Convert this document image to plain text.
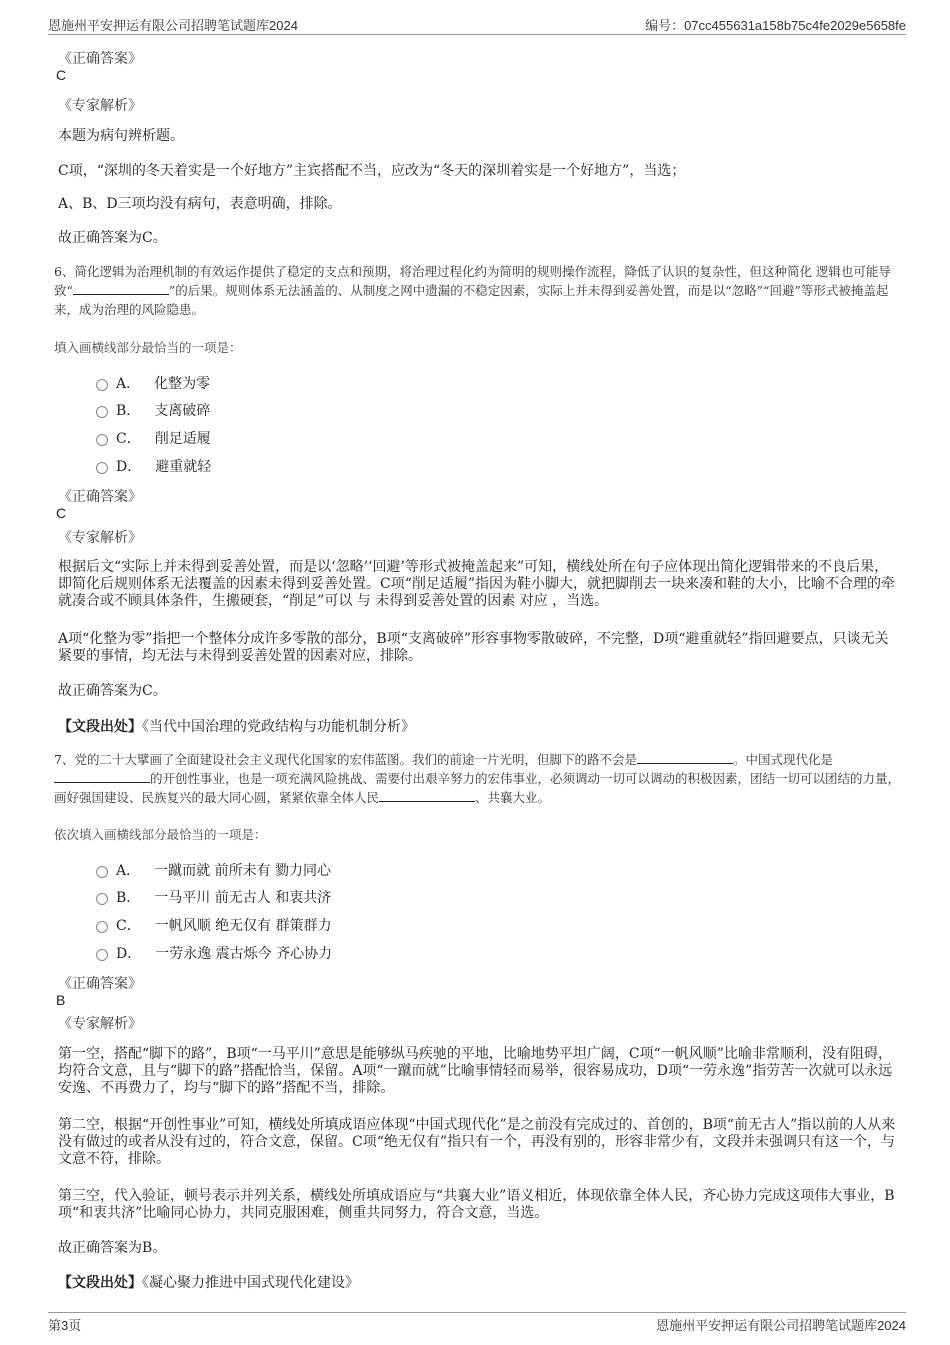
恩施州平安押运有限公司招聘笔试题库2024	编号：07cc455631a158b75c4fe2029e5658fe
《正确答案》
C
《专家解析》
本题为病句辨析题。
C项，“深圳的冬天着实是一个好地方”主宾搭配不当，应改为“冬天的深圳着实是一个好地方”，当选；
A、B、D三项均没有病句，表意明确，排除。
故正确答案为C。
6、简化逻辑为治理机制的有效运作提供了稳定的支点和预期，将治理过程化约为简明的规则操作流程，降低了认识的复杂性，但这种简化 逻辑也可能导致“	”的后果。规则体系无法涵盖的、从制度之网中遗漏的不稳定因素，实际上并未得到妥善处置，而是以“忽略”“回避”等形式被掩盖起来，成为治理的风险隐患。
填入画横线部分最恰当的一项是：
A． 化整为零
B． 支离破碎
C． 削足适履
D． 避重就轻
《正确答案》
C
《专家解析》
根据后文“实际上并未得到妥善处置，而是以‘忽略’‘回避’等形式被掩盖起来”可知，横线处所在句子应体现出简化逻辑带来的不良后果，即简化后规则体系无法覆盖的因素未得到妥善处置。C项“削足适履”指因为鞋小脚大，就把脚削去一块来凑和鞋的大小，比喻不合理的牵就凑合或不顾具体条件，生搬硬套，“削足”可以 与 未得到妥善处置的因素 对应 ，当选。
A项“化整为零”指把一个整体分成许多零散的部分，B项“支离破碎”形容事物零散破碎，不完整，D项“避重就轻”指回避要点，只谈无关紧要的事情，均无法与未得到妥善处置的因素对应，排除。
故正确答案为C。
【文段出处】《当代中国治理的党政结构与功能机制分析》
7、党的二十大擘画了全面建设社会主义现代化国家的宏伟蓝图。我们的前途一片光明，但脚下的路不会是	。中国式现代化是的开创性事业，也是一项充满风险挑战、需要付出艰辛努力的宏伟事业，必须调动一切可以调动的积极因素，团结一切可以团结的力量，画好强国建设、民族复兴的最大同心圆，紧紧依靠全体人民	、共襄大业。
依次填入画横线部分最恰当的一项是：
A． 一蹴而就 前所未有 勠力同心
B． 一马平川 前无古人 和衷共济
C． 一帆风顺 绝无仅有 群策群力
D． 一劳永逸 震古烁今 齐心协力
《正确答案》
B
《专家解析》
第一空，搭配“脚下的路”，B项“一马平川”意思是能够纵马疾驰的平地，比喻地势平坦广阔，C项“一帆风顺”比喻非常顺利，没有阻碍，均符合文意，且与“脚下的路”搭配恰当，保留。A项“一蹴而就”比喻事情轻而易举，很容易成功，D项“一劳永逸”指劳苦一次就可以永远安逸、不再费力了，均与“脚下的路”搭配不当，排除。
第二空，根据“开创性事业”可知，横线处所填成语应体现“中国式现代化”是之前没有完成过的、首创的，B项“前无古人”指以前的人从来没有做过的或者从没有过的，符合文意，保留。C项“绝无仅有”指只有一个，再没有别的，形容非常少有，文段并未强调只有这一个，与文意不符，排除。
第三空，代入验证，顿号表示并列关系，横线处所填成语应与“共襄大业”语义相近，体现依靠全体人民，齐心协力完成这项伟大事业，B项“和衷共济”比喻同心协力，共同克服困难，侧重共同努力，符合文意，当选。
故正确答案为B。
【文段出处】《凝心聚力推进中国式现代化建设》
第3页	恩施州平安押运有限公司招聘笔试题库2024
